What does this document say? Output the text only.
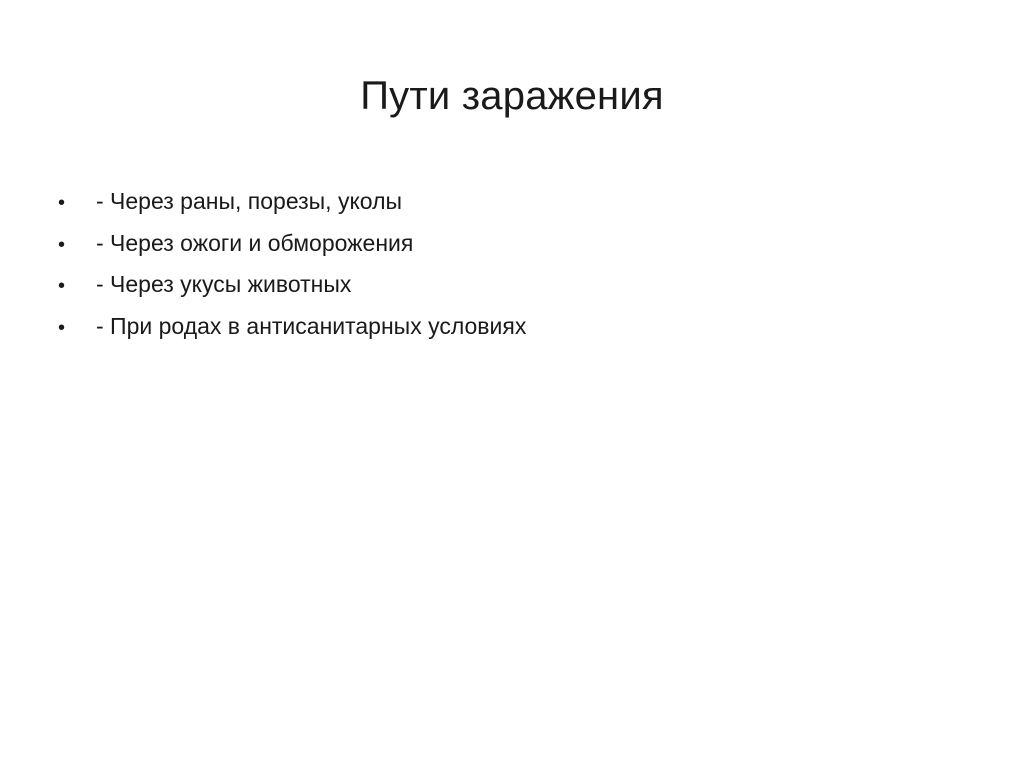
Пути заражения
•	- Через раны, порезы, уколы
•	- Через ожоги и обморожения
•	- Через укусы животных
•	- При родах в антисанитарных условиях
